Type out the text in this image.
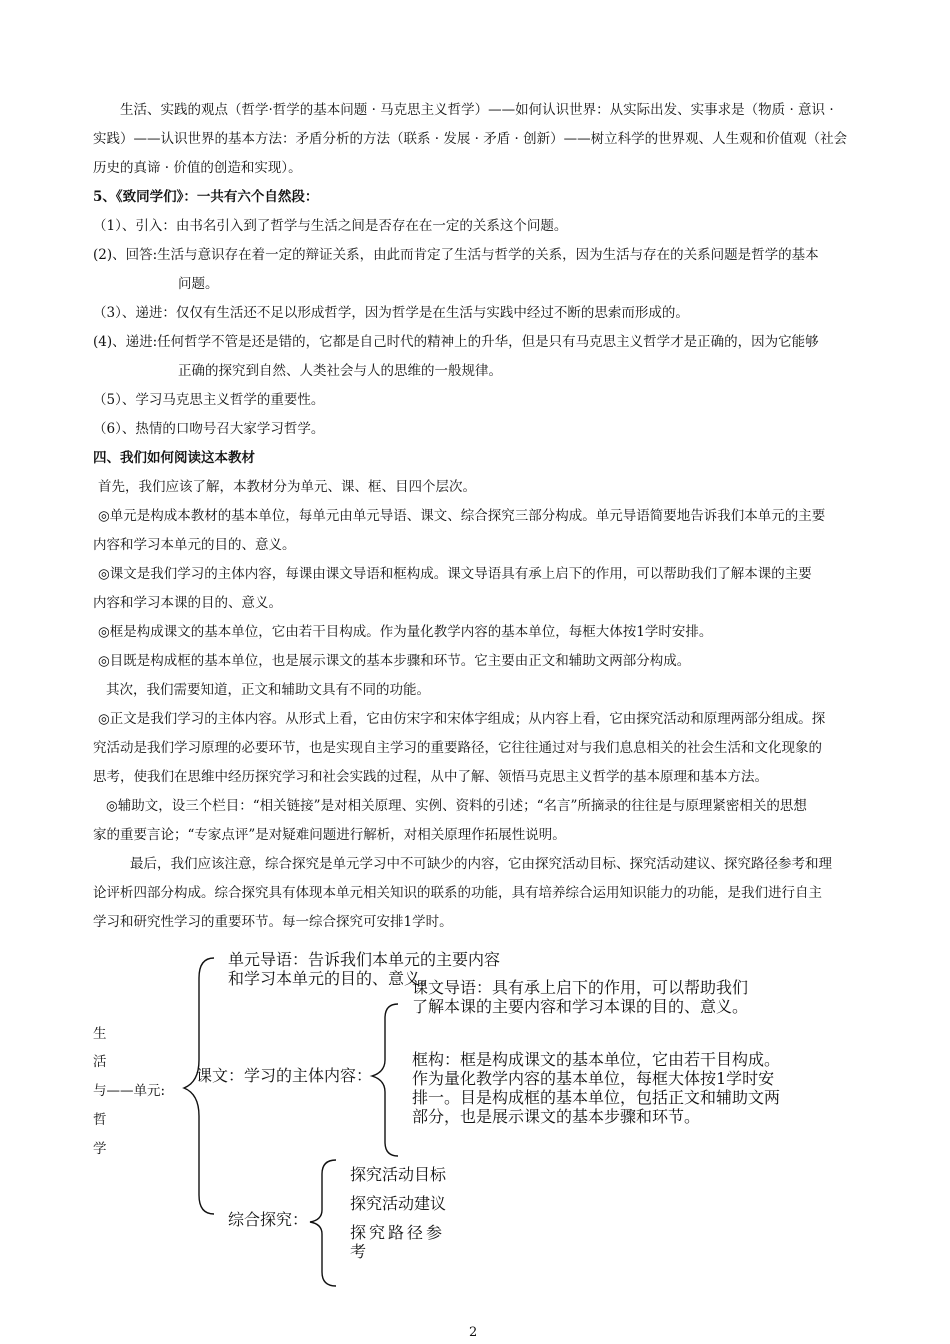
生活、实践的观点（哲学·哲学的基本问题 · 马克思主义哲学）——如何认识世界：从实际出发、实事求是（物质 · 意识 ·
实践）——认识世界的基本方法：矛盾分析的方法（联系 · 发展 · 矛盾 · 创新）——树立科学的世界观、人生观和价值观（社会
历史的真谛 · 价值的创造和实现）。
5、《致同学们》：一共有六个自然段：
（1）、引入：由书名引入到了哲学与生活之间是否存在在一定的关系这个问题。
(2)、回答:生活与意识存在着一定的辩证关系，由此而肯定了生活与哲学的关系，因为生活与存在的关系问题是哲学的基本
问题。
（3）、递进：仅仅有生活还不足以形成哲学，因为哲学是在生活与实践中经过不断的思索而形成的。
(4)、递进:任何哲学不管是还是错的，它都是自己时代的精神上的升华，但是只有马克思主义哲学才是正确的，因为它能够
正确的探究到自然、人类社会与人的思维的一般规律。
（5）、学习马克思主义哲学的重要性。
（6）、热情的口吻号召大家学习哲学。
四、我们如何阅读这本教材
首先，我们应该了解，本教材分为单元、课、框、目四个层次。
◎单元是构成本教材的基本单位，每单元由单元导语、课文、综合探究三部分构成。单元导语简要地告诉我们本单元的主要
内容和学习本单元的目的、意义。
◎课文是我们学习的主体内容，每课由课文导语和框构成。课文导语具有承上启下的作用，可以帮助我们了解本课的主要
内容和学习本课的目的、意义。
◎框是构成课文的基本单位，它由若干目构成。作为量化教学内容的基本单位，每框大体按1学时安排。
◎目既是构成框的基本单位，也是展示课文的基本步骤和环节。它主要由正文和辅助文两部分构成。
其次，我们需要知道，正文和辅助文具有不同的功能。
◎正文是我们学习的主体内容。从形式上看，它由仿宋字和宋体字组成；从内容上看，它由探究活动和原理两部分组成。探
究活动是我们学习原理的必要环节，也是实现自主学习的重要路径，它往往通过对与我们息息相关的社会生活和文化现象的
思考，使我们在思维中经历探究学习和社会实践的过程，从中了解、领悟马克思主义哲学的基本原理和基本方法。
◎辅助文，设三个栏目：“相关链接”是对相关原理、实例、资料的引述；“名言”所摘录的往往是与原理紧密相关的思想
家的重要言论；“专家点评”是对疑难问题进行解析，对相关原理作拓展性说明。
最后，我们应该注意，综合探究是单元学习中不可缺少的内容，它由探究活动目标、探究活动建议、探究路径参考和理
论评析四部分构成。综合探究具有体现本单元相关知识的联系的功能，具有培养综合运用知识能力的功能，是我们进行自主
学习和研究性学习的重要环节。每一综合探究可安排1学时。
生
活
与——单元:
哲
学
单元导语：告诉我们本单元的主要内容
和学习本单元的目的、意义。
课文：学习的主体内容：
课文导语：具有承上启下的作用，可以帮助我们
了解本课的主要内容和学习本课的目的、意义。
框构：框是构成课文的基本单位，它由若干目构成。
作为量化教学内容的基本单位，每框大体按1学时安
排一。目是构成框的基本单位，包括正文和辅助文两
部分，也是展示课文的基本步骤和环节。
综合探究：
探究活动目标
探究活动建议
探究路径参
考
2
